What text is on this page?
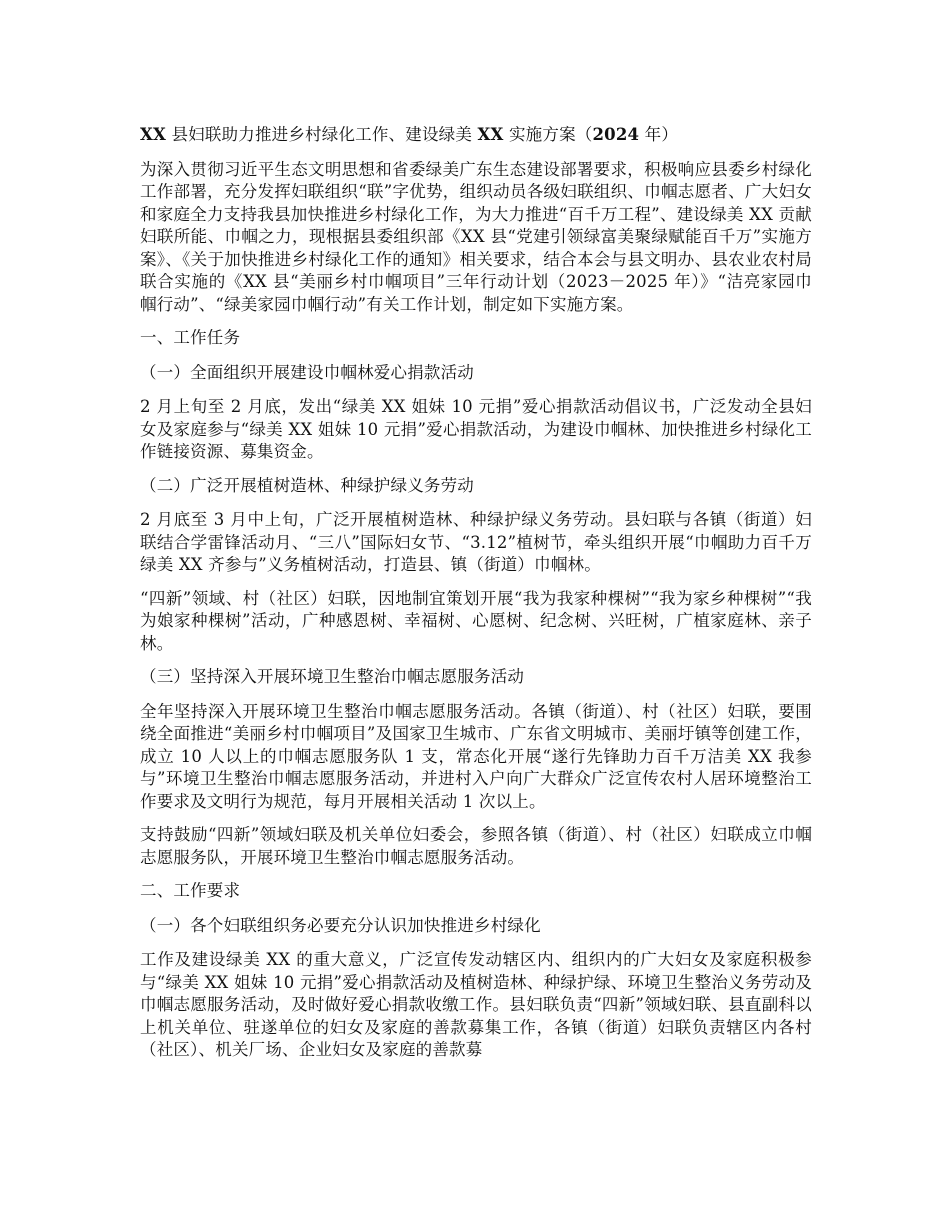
XX 县妇联助力推进乡村绿化工作、建设绿美 XX 实施方案（2024 年）
为深入贯彻习近平生态文明思想和省委绿美广东生态建设部署要求，积极响应县委乡村绿化工作部署，充分发挥妇联组织“联”字优势，组织动员各级妇联组织、巾帼志愿者、广大妇女和家庭全力支持我县加快推进乡村绿化工作，为大力推进“百千万工程”、建设绿美 XX 贡献妇联所能、巾帼之力，现根据县委组织部《XX 县“党建引领绿富美聚绿赋能百千万”实施方案》、《关于加快推进乡村绿化工作的通知》相关要求，结合本会与县文明办、县农业农村局联合实施的《XX 县“美丽乡村巾帼项目”三年行动计划（2023－2025 年）》“洁亮家园巾帼行动”、“绿美家园巾帼行动”有关工作计划，制定如下实施方案。
一、工作任务
（一）全面组织开展建设巾帼林爱心捐款活动
2 月上旬至 2 月底，发出“绿美 XX 姐妹 10 元捐”爱心捐款活动倡议书，广泛发动全县妇女及家庭参与“绿美 XX 姐妹 10 元捐”爱心捐款活动，为建设巾帼林、加快推进乡村绿化工作链接资源、募集资金。
（二）广泛开展植树造林、种绿护绿义务劳动
2 月底至 3 月中上旬，广泛开展植树造林、种绿护绿义务劳动。县妇联与各镇（街道）妇联结合学雷锋活动月、“三八”国际妇女节、“3.12”植树节，牵头组织开展“巾帼助力百千万绿美 XX 齐参与”义务植树活动，打造县、镇（街道）巾帼林。
“四新”领域、村（社区）妇联，因地制宜策划开展“我为我家种棵树”“我为家乡种棵树”“我为娘家种棵树”活动，广种感恩树、幸福树、心愿树、纪念树、兴旺树，广植家庭林、亲子林。
（三）坚持深入开展环境卫生整治巾帼志愿服务活动
全年坚持深入开展环境卫生整治巾帼志愿服务活动。各镇（街道）、村（社区）妇联，要围绕全面推进“美丽乡村巾帼项目”及国家卫生城市、广东省文明城市、美丽圩镇等创建工作，成立 10 人以上的巾帼志愿服务队 1 支，常态化开展“遂行先锋助力百千万洁美 XX 我参与”环境卫生整治巾帼志愿服务活动，并进村入户向广大群众广泛宣传农村人居环境整治工作要求及文明行为规范，每月开展相关活动 1 次以上。
支持鼓励“四新”领域妇联及机关单位妇委会，参照各镇（街道）、村（社区）妇联成立巾帼志愿服务队，开展环境卫生整治巾帼志愿服务活动。
二、工作要求
（一）各个妇联组织务必要充分认识加快推进乡村绿化
工作及建设绿美 XX 的重大意义，广泛宣传发动辖区内、组织内的广大妇女及家庭积极参与“绿美 XX 姐妹 10 元捐”爱心捐款活动及植树造林、种绿护绿、环境卫生整治义务劳动及巾帼志愿服务活动，及时做好爱心捐款收缴工作。县妇联负责“四新”领域妇联、县直副科以上机关单位、驻遂单位的妇女及家庭的善款募集工作，各镇（街道）妇联负责辖区内各村（社区）、机关厂场、企业妇女及家庭的善款募
